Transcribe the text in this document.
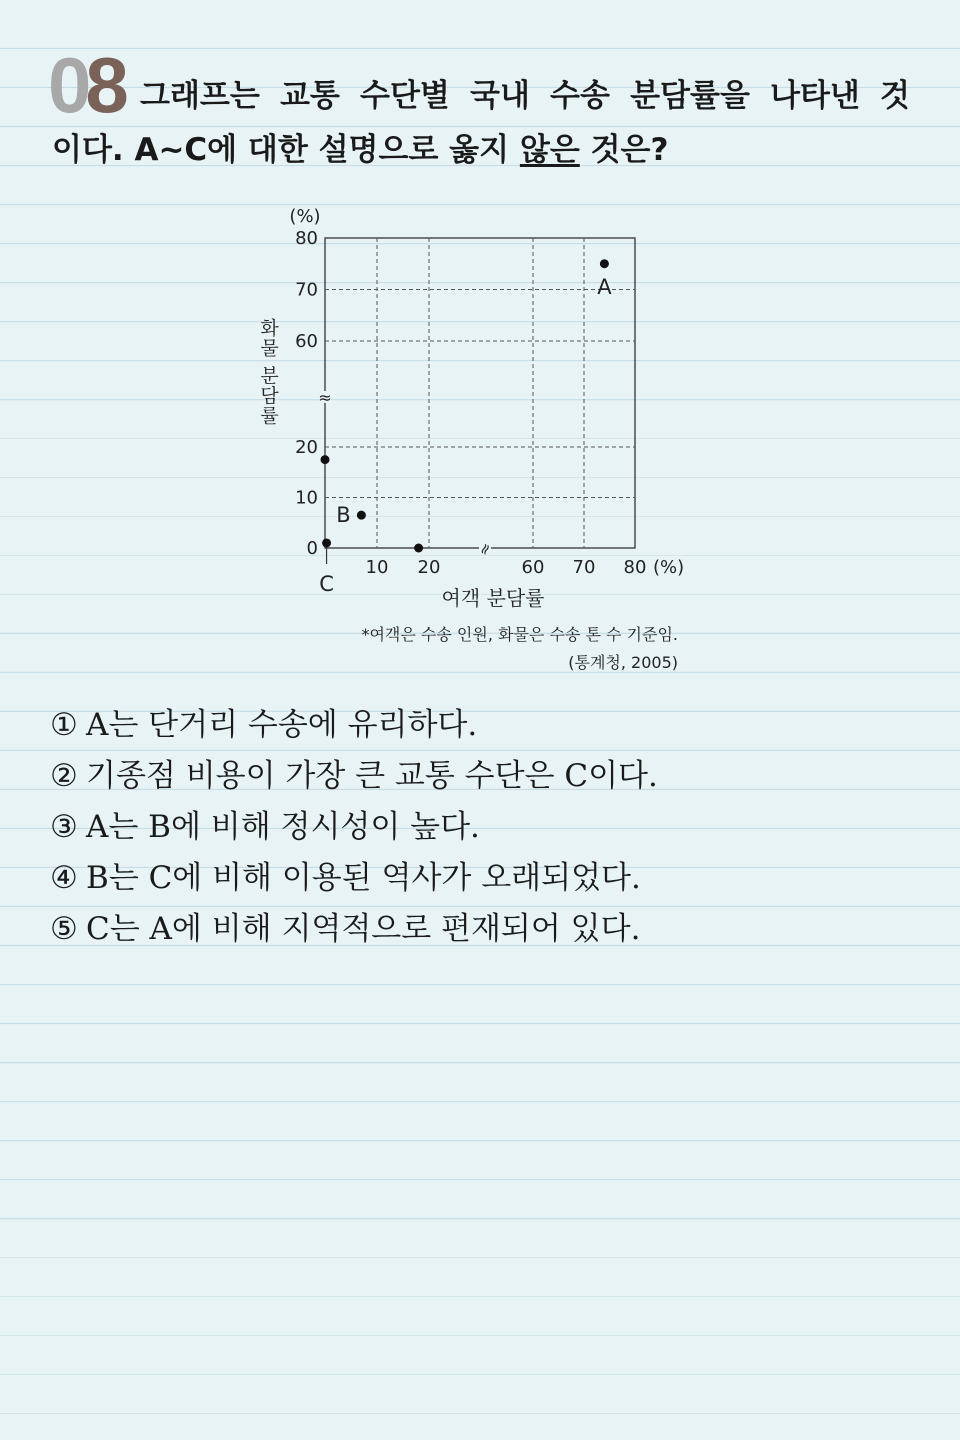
08 그래프는 교통 수단별 국내 수송 분담률을 나타낸 것
이다. A~C에 대한 설명으로 옳지 않은 것은?
≈
≈
0
10
20
60
70
80
10 20	60 70 80 (%)
(%)
여객 분담률
화물 분담률
A
B
C
*여객은 수송 인원, 화물은 수송 톤 수 기준임.
(통계청, 2005)
① A는 단거리 수송에 유리하다.
② 기종점 비용이 가장 큰 교통 수단은 C이다.
③ A는 B에 비해 정시성이 높다.
④ B는 C에 비해 이용된 역사가 오래되었다.
⑤ C는 A에 비해 지역적으로 편재되어 있다.
